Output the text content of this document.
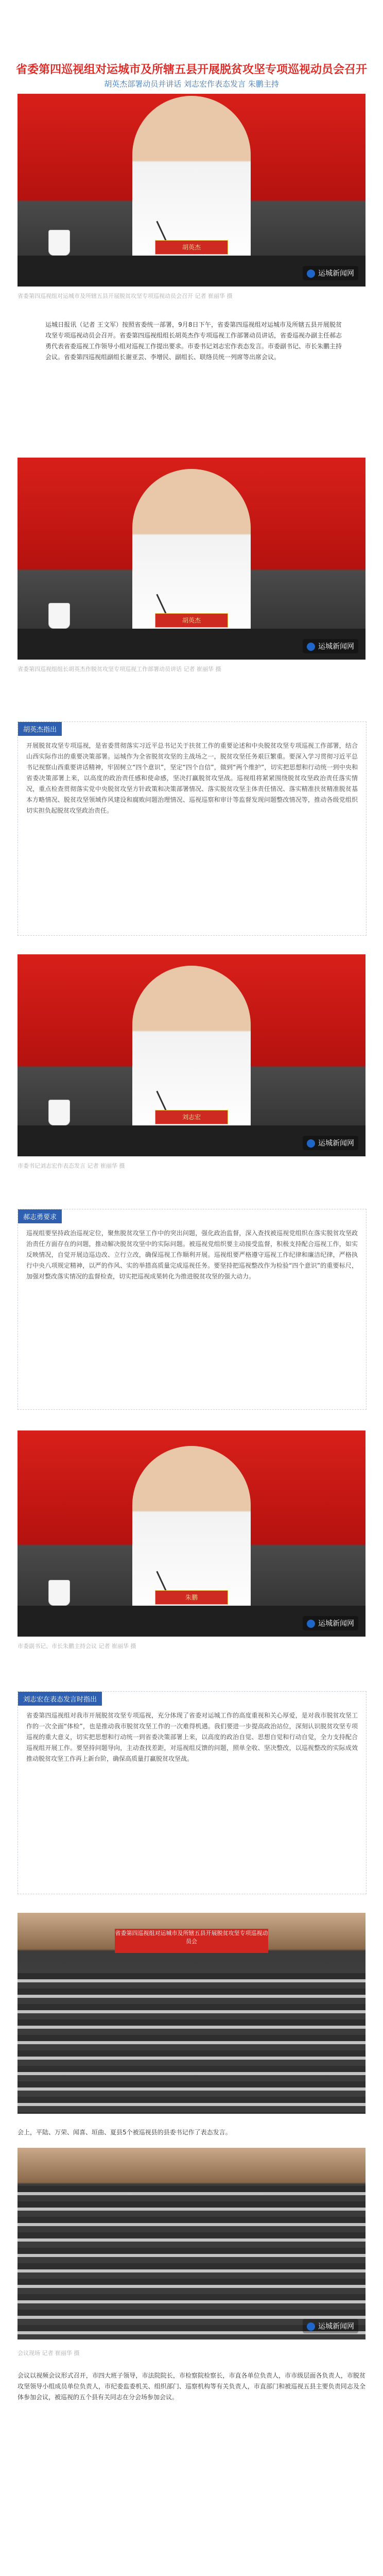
省委第四巡视组对运城市及所辖五县开展脱贫攻坚专项巡视动员会召开
胡英杰部署动员并讲话 刘志宏作表态发言 朱鹏主持
胡英杰
运城新闻网
省委第四巡视组对运城市及所辖五县开展脱贫攻坚专项巡视动员会召开 记者 崔丽华 摄
运城日报讯（记者 王文军）按照省委统一部署，9月8日下午，省委第四巡视组对运城市及所辖五县开展脱贫攻坚专项巡视动员会召开。省委第四巡视组组长胡英杰作专项巡视工作部署动员讲话，省委巡视办副主任郝志勇代表省委巡视工作领导小组对巡视工作提出要求。市委书记刘志宏作表态发言。市委副书记、市长朱鹏主持会议。省委第四巡视组副组长谢亚芸、李增民、副组长、联络员统一列席等出席会议。
胡英杰
运城新闻网
省委第四巡视组组长胡英杰作脱贫攻坚专项巡视工作部署动员讲话 记者 崔丽华 摄
胡英杰指出
开展脱贫攻坚专项巡视，是省委贯彻落实习近平总书记关于扶贫工作的重要论述和中央脱贫攻坚专项巡视工作部署，结合山西实际作出的重要决策部署。运城作为全省脱贫攻坚的主战场之一，脱贫攻坚任务艰巨繁重。要深入学习贯彻习近平总书记视察山西重要讲话精神，牢固树立“四个意识”，坚定“四个自信”，做到“两个维护”，切实把思想和行动统一到中央和省委决策部署上来，以高度的政治责任感和使命感，坚决打赢脱贫攻坚战。巡视组将紧紧围绕脱贫攻坚政治责任落实情况，重点检查贯彻落实党中央脱贫攻坚方针政策和决策部署情况、落实脱贫攻坚主体责任情况、落实精准扶贫精准脱贫基本方略情况、脱贫攻坚领域作风建设和腐败问题治理情况、巡视巡察和审计等监督发现问题整改情况等，推动各级党组织切实担负起脱贫攻坚政治责任。
刘志宏
运城新闻网
市委书记刘志宏作表态发言 记者 崔丽华 摄
郝志勇要求
巡视组要坚持政治巡视定位，聚焦脱贫攻坚工作中的突出问题，强化政治监督，深入查找被巡视党组织在落实脱贫攻坚政治责任方面存在的问题，推动解决脱贫攻坚中的实际问题。被巡视党组织要主动接受监督，积极支持配合巡视工作，如实反映情况，自觉开展边巡边改、立行立改，确保巡视工作顺利开展。巡视组要严格遵守巡视工作纪律和廉洁纪律，严格执行中央八项规定精神，以严的作风、实的举措高质量完成巡视任务。要坚持把巡视整改作为检验“四个意识”的重要标尺，加强对整改落实情况的监督检查，切实把巡视成果转化为推进脱贫攻坚的强大动力。
朱鹏
运城新闻网
市委副书记、市长朱鹏主持会议 记者 崔丽华 摄
刘志宏在表态发言时指出
省委第四巡视组对我市开展脱贫攻坚专项巡视，充分体现了省委对运城工作的高度重视和关心厚爱，是对我市脱贫攻坚工作的一次全面“体检”，也是推动我市脱贫攻坚工作的一次难得机遇。我们要进一步提高政治站位，深刻认识脱贫攻坚专项巡视的重大意义，切实把思想和行动统一到省委决策部署上来，以高度的政治自觉、思想自觉和行动自觉，全力支持配合巡视组开展工作。要坚持问题导向，主动查找差距，对巡视组反馈的问题，照单全收、坚决整改，以巡视整改的实际成效推动脱贫攻坚工作再上新台阶，确保高质量打赢脱贫攻坚战。
省委第四巡视组对运城市及所辖五县开展脱贫攻坚专项巡视动员会
会上，平陆、万荣、闻喜、垣曲、夏县5个被巡视县的县委书记作了表态发言。
运城新闻网
会议现场 记者 崔丽华 摄
会议以视频会议形式召开，市四大班子领导，市法院院长，市检察院检察长，市直各单位负责人，市市级层面各负责人，市脱贫攻坚领导小组成员单位负责人，市纪委监委机关、组织部门、巡察机构等有关负责人，市直部门和被巡视五县主要负责同志及全体参加会议，被巡视的五个县有关同志在分会场参加会议。
